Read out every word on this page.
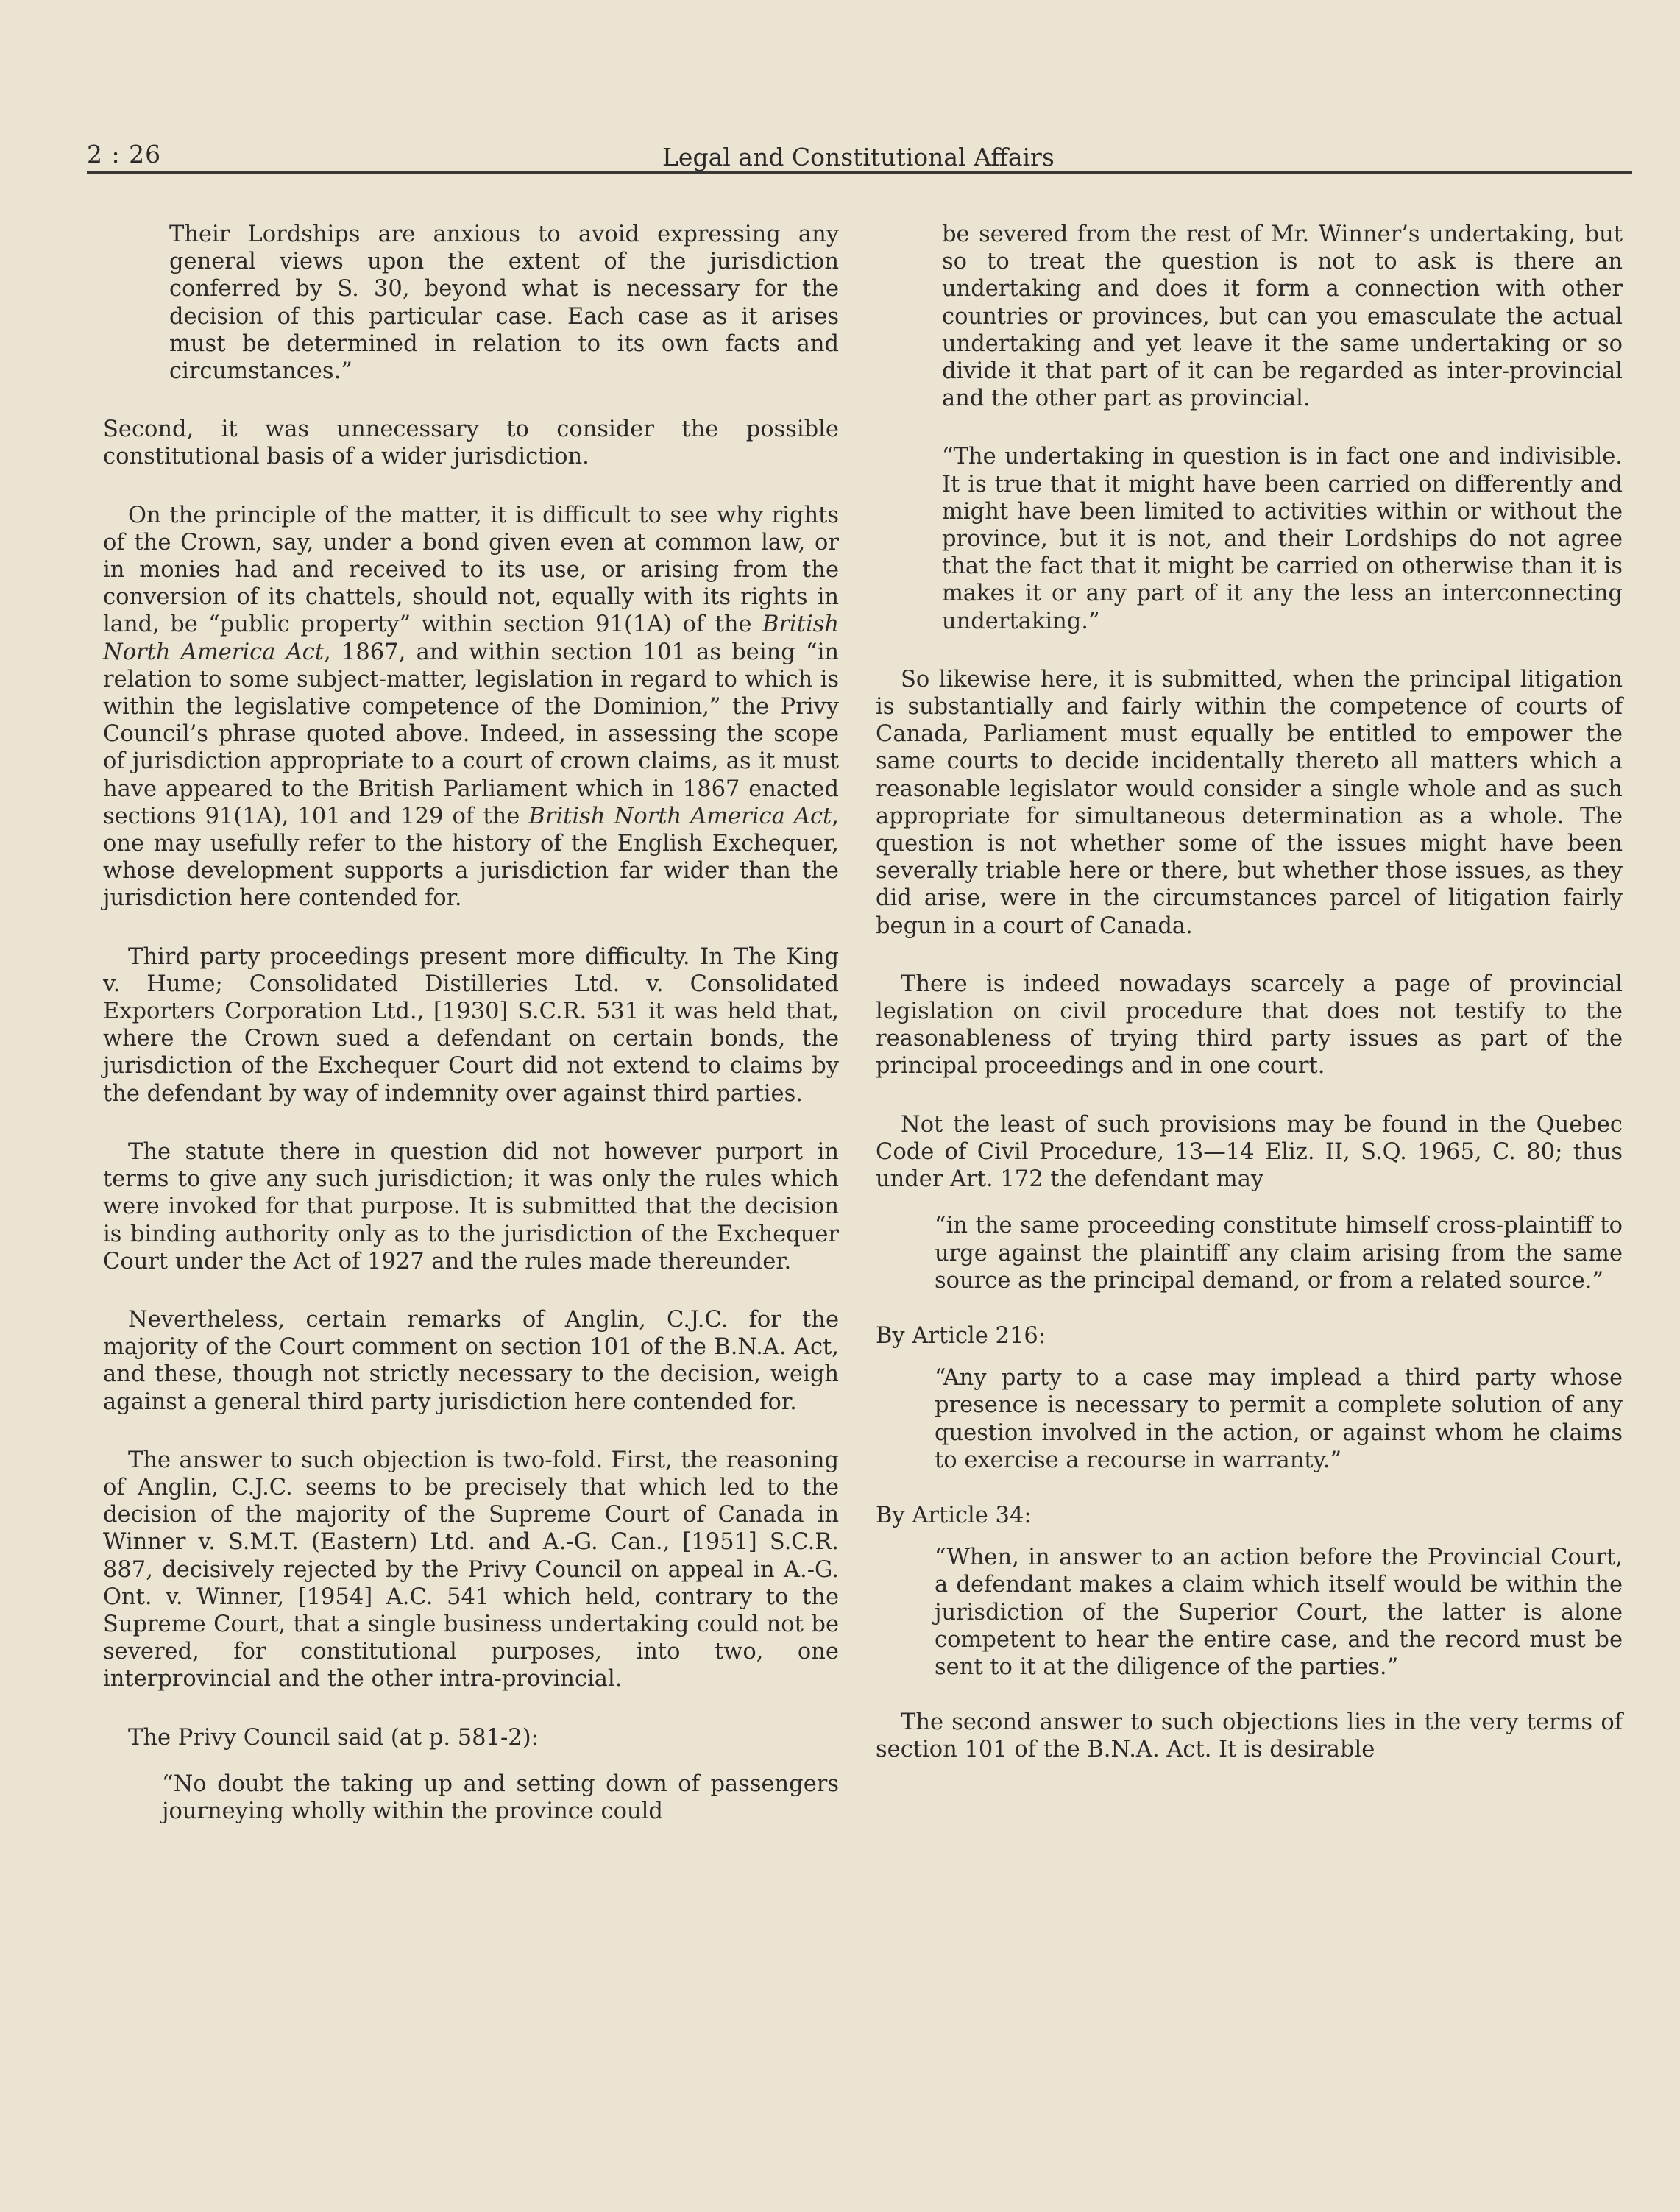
2 : 26	Legal and Constitutional Affairs

Their Lordships are anxious to avoid expressing any general views upon the extent of the jurisdiction conferred by S. 30, beyond what is necessary for the decision of this particular case. Each case as it arises must be determined in relation to its own facts and circumstances.”

Second, it was unnecessary to consider the possible constitutional basis of a wider jurisdiction.

On the principle of the matter, it is difficult to see why rights of the Crown, say, under a bond given even at common law, or in monies had and received to its use, or arising from the conversion of its chattels, should not, equally with its rights in land, be “public property” within section 91(1A) of the British North America Act, 1867, and within section 101 as being “in relation to some subject-matter, legislation in regard to which is within the legislative competence of the Dominion,” the Privy Council’s phrase quoted above. Indeed, in assessing the scope of jurisdiction appropriate to a court of crown claims, as it must have appeared to the British Parliament which in 1867 enacted sections 91(1A), 101 and 129 of the British North America Act, one may usefully refer to the history of the English Exchequer, whose development supports a jurisdiction far wider than the jurisdiction here contended for.

Third party proceedings present more difficulty. In The King v. Hume; Consolidated Distilleries Ltd. v. Consolidated Exporters Corporation Ltd., [1930] S.C.R. 531 it was held that, where the Crown sued a defendant on certain bonds, the jurisdiction of the Exchequer Court did not extend to claims by the defendant by way of indemnity over against third parties.

The statute there in question did not however purport in terms to give any such jurisdiction; it was only the rules which were invoked for that purpose. It is submitted that the decision is binding authority only as to the jurisdiction of the Exchequer Court under the Act of 1927 and the rules made thereunder.

Nevertheless, certain remarks of Anglin, C.J.C. for the majority of the Court comment on section 101 of the B.N.A. Act, and these, though not strictly necessary to the decision, weigh against a general third party jurisdiction here contended for.

The answer to such objection is two-fold. First, the reasoning of Anglin, C.J.C. seems to be precisely that which led to the decision of the majority of the Supreme Court of Canada in Winner v. S.M.T. (Eastern) Ltd. and A.-G. Can., [1951] S.C.R. 887, decisively rejected by the Privy Council on appeal in A.-G. Ont. v. Winner, [1954] A.C. 541 which held, contrary to the Supreme Court, that a single business undertaking could not be severed, for constitutional purposes, into two, one interprovincial and the other intra-provincial.

The Privy Council said (at p. 581-2):

“No doubt the taking up and setting down of passengers journeying wholly within the province could

be severed from the rest of Mr. Winner’s undertaking, but so to treat the question is not to ask is there an undertaking and does it form a connection with other countries or provinces, but can you emasculate the actual undertaking and yet leave it the same undertaking or so divide it that part of it can be regarded as inter-provincial and the other part as provincial.

“The undertaking in question is in fact one and indivisible. It is true that it might have been carried on differently and might have been limited to activities within or without the province, but it is not, and their Lordships do not agree that the fact that it might be carried on otherwise than it is makes it or any part of it any the less an interconnecting undertaking.”

So likewise here, it is submitted, when the principal litigation is substantially and fairly within the competence of courts of Canada, Parliament must equally be entitled to empower the same courts to decide incidentally thereto all matters which a reasonable legislator would consider a single whole and as such appropriate for simultaneous determination as a whole. The question is not whether some of the issues might have been severally triable here or there, but whether those issues, as they did arise, were in the circumstances parcel of litigation fairly begun in a court of Canada.

There is indeed nowadays scarcely a page of provincial legislation on civil procedure that does not testify to the reasonableness of trying third party issues as part of the principal proceedings and in one court.

Not the least of such provisions may be found in the Quebec Code of Civil Procedure, 13—14 Eliz. II, S.Q. 1965, C. 80; thus under Art. 172 the defendant may

“in the same proceeding constitute himself cross-plaintiff to urge against the plaintiff any claim arising from the same source as the principal demand, or from a related source.”

By Article 216:

“Any party to a case may implead a third party whose presence is necessary to permit a complete solution of any question involved in the action, or against whom he claims to exercise a recourse in warranty.”

By Article 34:

“When, in answer to an action before the Provincial Court, a defendant makes a claim which itself would be within the jurisdiction of the Superior Court, the latter is alone competent to hear the entire case, and the record must be sent to it at the diligence of the parties.”

The second answer to such objections lies in the very terms of section 101 of the B.N.A. Act. It is desirable
